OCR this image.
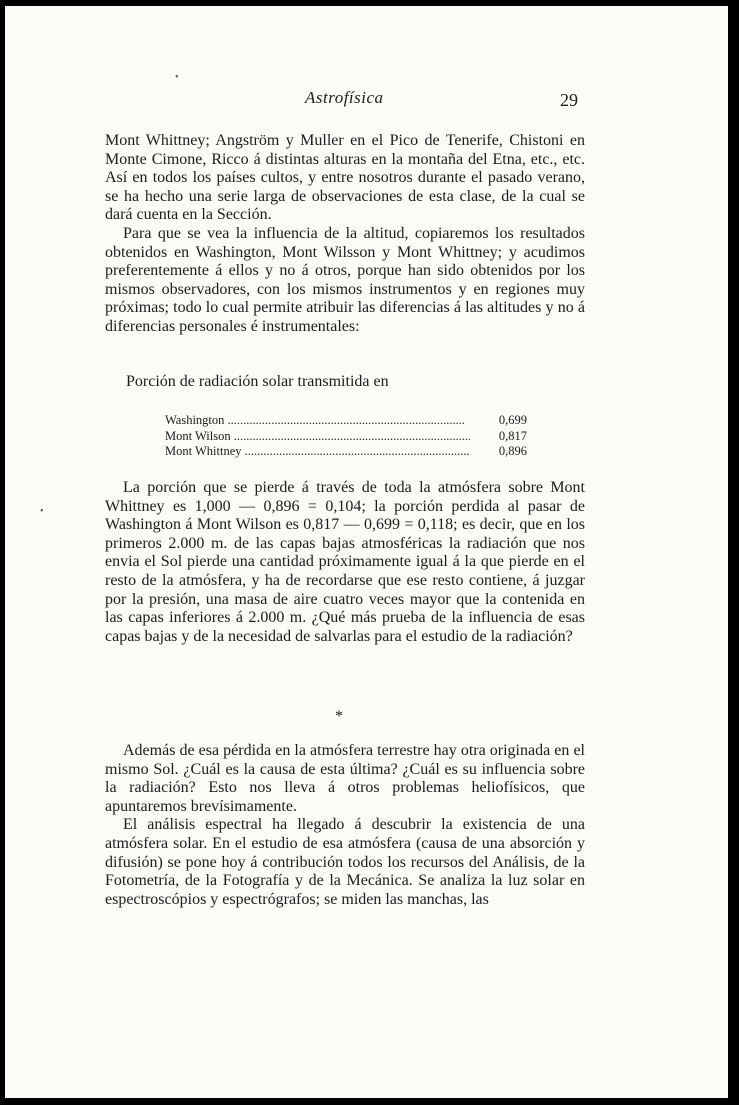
Astrofísica	29

Mont Whittney; Angström y Muller en el Pico de Tenerife, Chistoni en Monte Cimone, Ricco á distintas alturas en la montaña del Etna, etc., etc. Así en todos los países cultos, y entre nosotros durante el pasado verano, se ha hecho una serie larga de observaciones de esta clase, de la cual se dará cuenta en la Sección.

Para que se vea la influencia de la altitud, copiaremos los resultados obtenidos en Washington, Mont Wilsson y Mont Whittney; y acudimos preferentemente á ellos y no á otros, porque han sido obtenidos por los mismos observadores, con los mismos instrumentos y en regiones muy próximas; todo lo cual permite atribuir las diferencias á las altitudes y no á diferencias personales é instrumentales:

Porción de radiación solar transmitida en
Washington .....	0,699
Mont Wilson .....	0,817
Mont Whittney .....	0,896

La porción que se pierde á través de toda la atmósfera sobre Mont Whittney es 1,000 — 0,896 = 0,104; la porción perdida al pasar de Washington á Mont Wilson es 0,817 — 0,699 = 0,118; es decir, que en los primeros 2.000 m. de las capas bajas atmosféricas la radiación que nos envia el Sol pierde una cantidad próximamente igual á la que pierde en el resto de la atmósfera, y ha de recordarse que ese resto contiene, á juzgar por la presión, una masa de aire cuatro veces mayor que la contenida en las capas inferiores á 2.000 m. ¿Qué más prueba de la influencia de esas capas bajas y de la necesidad de salvarlas para el estudio de la radiación?

*

Además de esa pérdida en la atmósfera terrestre hay otra originada en el mismo Sol. ¿Cuál es la causa de esta última? ¿Cuál es su influencia sobre la radiación? Esto nos lleva á otros problemas heliofísicos, que apuntaremos brevísimamente.

El análisis espectral ha llegado á descubrir la existencia de una atmósfera solar. En el estudio de esa atmósfera (causa de una absorción y difusión) se pone hoy á contribución todos los recursos del Análisis, de la Fotometría, de la Fotografía y de la Mecánica. Se analiza la luz solar en espectroscópios y espectrógrafos; se miden las manchas, las

•
•
